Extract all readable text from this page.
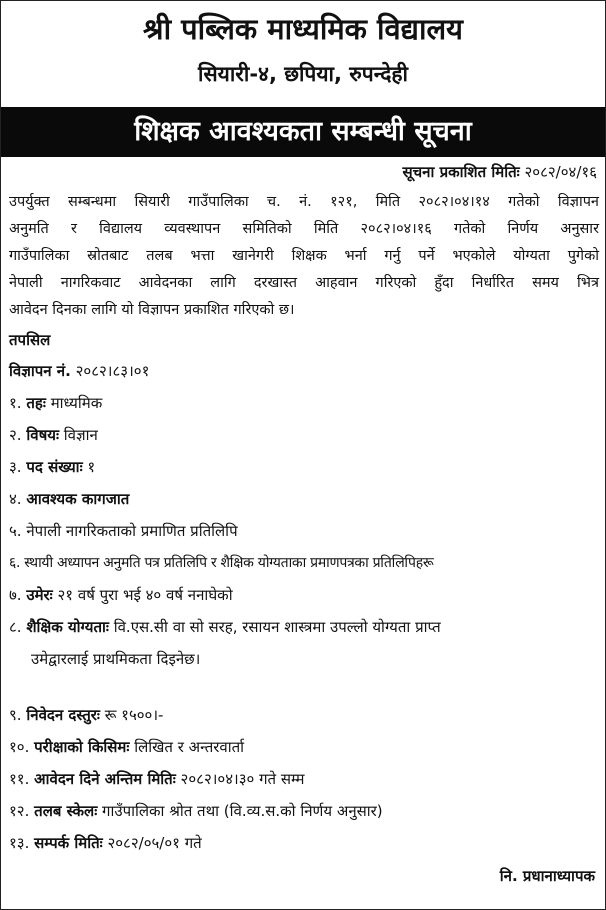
श्री पब्लिक माध्यमिक विद्यालय
सियारी-४, छपिया, रुपन्देही
शिक्षक आवश्यकता सम्बन्धी सूचना
सूचना प्रकाशित मितिः २०८२/०४/१६
उपर्युक्त सम्बन्धमा सियारी गाउँपालिका च. नं. १२१, मिति २०८२।०४।१४ गतेको विज्ञापन
अनुमति र विद्यालय व्यवस्थापन समितिको मिति २०८२।०४।१६ गतेको निर्णय अनुसार
गाउँपालिका स्रोतबाट तलब भत्ता खानेगरी शिक्षक भर्ना गर्नु पर्ने भएकोले योग्यता पुगेको
नेपाली नागरिकवाट आवेदनका लागि दरखास्त आहवान गरिएको हुँदा निर्धारित समय भित्र
आवेदन दिनका लागि यो विज्ञापन प्रकाशित गरिएको छ।
तपसिल
विज्ञापन नं. २०८२।८३।०१
१. तहः माध्यमिक
२. विषयः विज्ञान
३. पद संख्याः १
४. आवश्यक कागजात
५. नेपाली नागरिकताको प्रमाणित प्रतिलिपि
६. स्थायी अध्यापन अनुमति पत्र प्रतिलिपि र शैक्षिक योग्यताका प्रमाणपत्रका प्रतिलिपिहरू
७. उमेरः २१ वर्ष पुरा भई ४० वर्ष ननाघेको
८. शैक्षिक योग्यताः वि.एस.सी वा सो सरह, रसायन शास्त्रमा उपल्लो योग्यता प्राप्त
उमेद्वारलाई प्राथमिकता दिइनेछ।
९. निवेदन दस्तुरः रू १५००।-
१०. परीक्षाको किसिमः लिखित र अन्तरवार्ता
११. आवेदन दिने अन्तिम मितिः २०८२।०४।३० गते सम्म
१२. तलब स्केलः गाउँपालिका श्रोत तथा (वि.व्य.स.को निर्णय अनुसार)
१३. सम्पर्क मितिः २०८२/०५/०१ गते
नि. प्रधानाध्यापक
